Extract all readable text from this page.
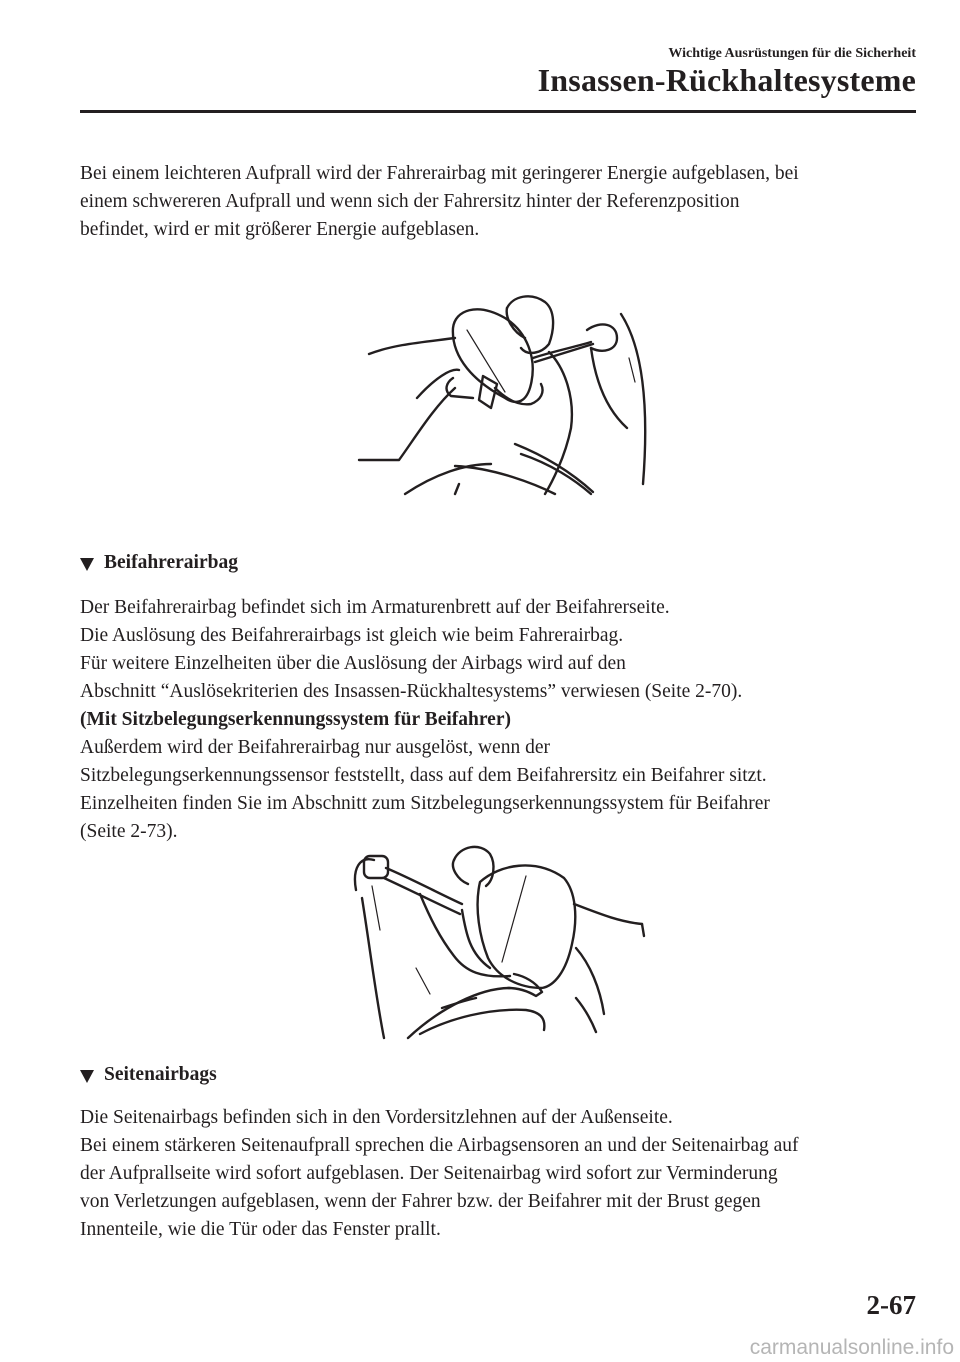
Wichtige Ausrüstungen für die Sicherheit
Insassen-Rückhaltesysteme
Bei einem leichteren Aufprall wird der Fahrerairbag mit geringerer Energie aufgeblasen, bei
einem schwereren Aufprall und wenn sich der Fahrersitz hinter der Referenzposition
befindet, wird er mit größerer Energie aufgeblasen.
Beifahrerairbag
Der Beifahrerairbag befindet sich im Armaturenbrett auf der Beifahrerseite.
Die Auslösung des Beifahrerairbags ist gleich wie beim Fahrerairbag.
Für weitere Einzelheiten über die Auslösung der Airbags wird auf den
Abschnitt “Auslösekriterien des Insassen-Rückhaltesystems” verwiesen (Seite 2-70).
(Mit Sitzbelegungserkennungssystem für Beifahrer)
Außerdem wird der Beifahrerairbag nur ausgelöst, wenn der
Sitzbelegungserkennungssensor feststellt, dass auf dem Beifahrersitz ein Beifahrer sitzt.
Einzelheiten finden Sie im Abschnitt zum Sitzbelegungserkennungssystem für Beifahrer
(Seite 2-73).
Seitenairbags
Die Seitenairbags befinden sich in den Vordersitzlehnen auf der Außenseite.
Bei einem stärkeren Seitenaufprall sprechen die Airbagsensoren an und der Seitenairbag auf
der Aufprallseite wird sofort aufgeblasen. Der Seitenairbag wird sofort zur Verminderung
von Verletzungen aufgeblasen, wenn der Fahrer bzw. der Beifahrer mit der Brust gegen
Innenteile, wie die Tür oder das Fenster prallt.
2-67
carmanualsonline.info
